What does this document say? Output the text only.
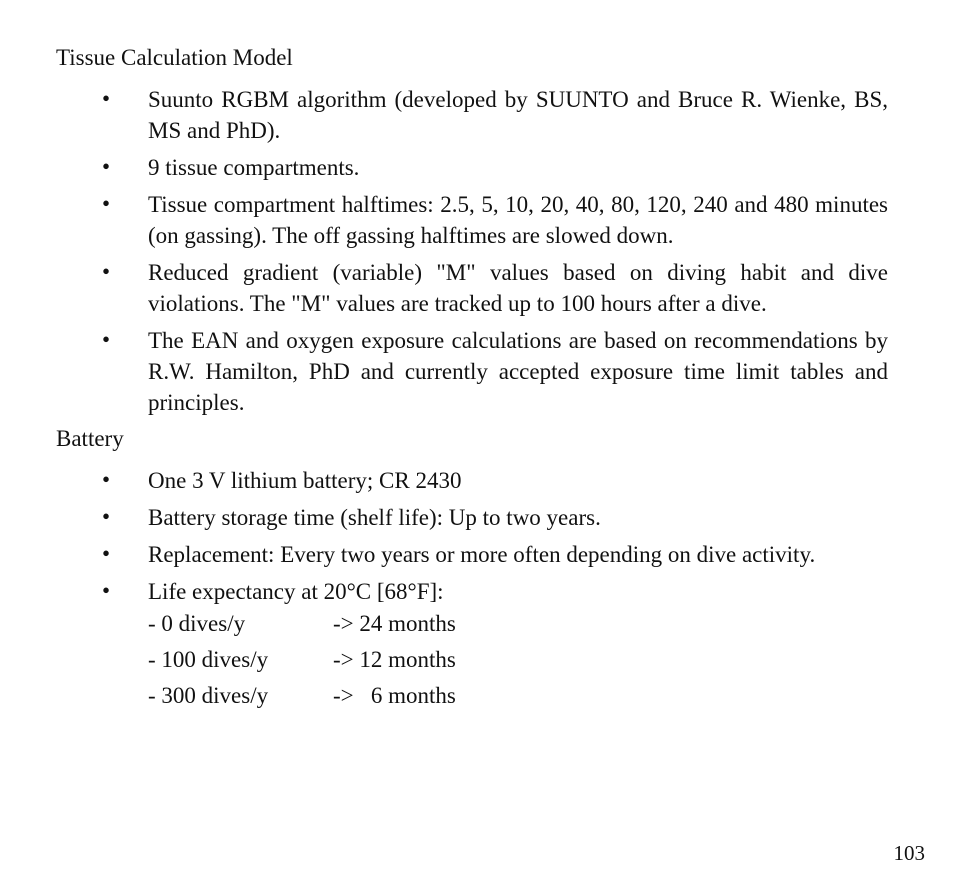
Tissue Calculation Model
• Suunto RGBM algorithm (developed by SUUNTO and Bruce R. Wienke, BS, MS and PhD).
• 9 tissue compartments.
• Tissue compartment halftimes: 2.5, 5, 10, 20, 40, 80, 120, 240 and 480 minutes (on gassing). The off gassing halftimes are slowed down.
• Reduced gradient (variable) "M" values based on diving habit and dive violations. The "M" values are tracked up to 100 hours after a dive.
• The EAN and oxygen exposure calculations are based on recommendations by R.W. Hamilton, PhD and currently accepted exposure time limit tables and principles.
Battery
• One 3 V lithium battery; CR 2430
• Battery storage time (shelf life): Up to two years.
• Replacement: Every two years or more often depending on dive activity.
• Life expectancy at 20°C [68°F]:
- 0 dives/y	-> 24 months
- 100 dives/y	-> 12 months
- 300 dives/y	->   6 months
103
